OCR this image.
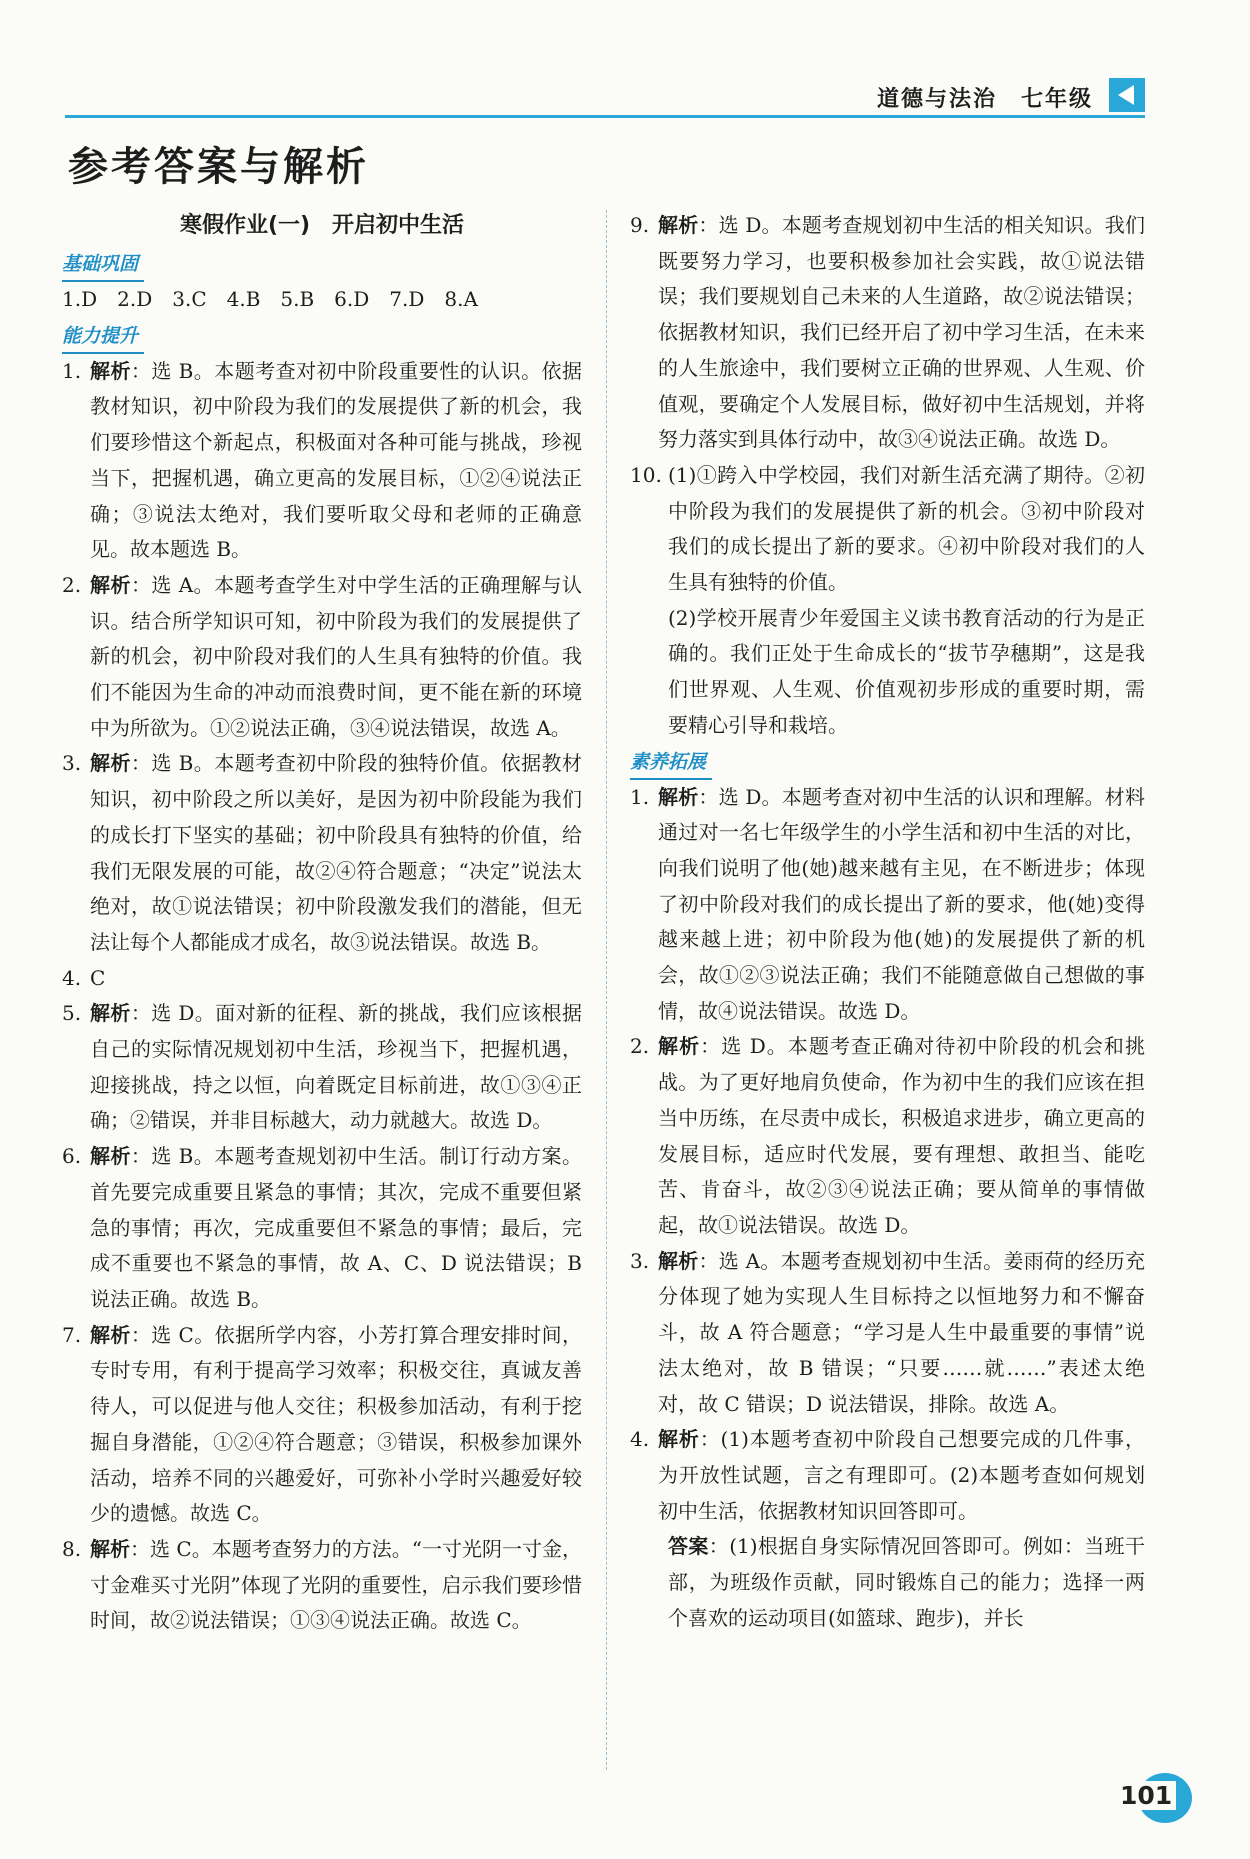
道德与法治　七年级
参考答案与解析
寒假作业(一)　开启初中生活
基础巩固
1.D　2.D　3.C　4.B　5.B　6.D　7.D　8.A
能力提升
1. 解析：选 B。本题考查对初中阶段重要性的认识。依据教材知识，初中阶段为我们的发展提供了新的机会，我们要珍惜这个新起点，积极面对各种可能与挑战，珍视当下，把握机遇，确立更高的发展目标，①②④说法正确；③说法太绝对，我们要听取父母和老师的正确意见。故本题选 B。
2. 解析：选 A。本题考查学生对中学生活的正确理解与认识。结合所学知识可知，初中阶段为我们的发展提供了新的机会，初中阶段对我们的人生具有独特的价值。我们不能因为生命的冲动而浪费时间，更不能在新的环境中为所欲为。①②说法正确，③④说法错误，故选 A。
3. 解析：选 B。本题考查初中阶段的独特价值。依据教材知识，初中阶段之所以美好，是因为初中阶段能为我们的成长打下坚实的基础；初中阶段具有独特的价值，给我们无限发展的可能，故②④符合题意；“决定”说法太绝对，故①说法错误；初中阶段激发我们的潜能，但无法让每个人都能成才成名，故③说法错误。故选 B。
4. C
5. 解析：选 D。面对新的征程、新的挑战，我们应该根据自己的实际情况规划初中生活，珍视当下，把握机遇，迎接挑战，持之以恒，向着既定目标前进，故①③④正确；②错误，并非目标越大，动力就越大。故选 D。
6. 解析：选 B。本题考查规划初中生活。制订行动方案。首先要完成重要且紧急的事情；其次，完成不重要但紧急的事情；再次，完成重要但不紧急的事情；最后，完成不重要也不紧急的事情，故 A、C、D 说法错误；B 说法正确。故选 B。
7. 解析：选 C。依据所学内容，小芳打算合理安排时间，专时专用，有利于提高学习效率；积极交往，真诚友善待人，可以促进与他人交往；积极参加活动，有利于挖掘自身潜能，①②④符合题意；③错误，积极参加课外活动，培养不同的兴趣爱好，可弥补小学时兴趣爱好较少的遗憾。故选 C。
8. 解析：选 C。本题考查努力的方法。“一寸光阴一寸金，寸金难买寸光阴”体现了光阴的重要性，启示我们要珍惜时间，故②说法错误；①③④说法正确。故选 C。
9. 解析：选 D。本题考查规划初中生活的相关知识。我们既要努力学习，也要积极参加社会实践，故①说法错误；我们要规划自己未来的人生道路，故②说法错误；依据教材知识，我们已经开启了初中学习生活，在未来的人生旅途中，我们要树立正确的世界观、人生观、价值观，要确定个人发展目标，做好初中生活规划，并将努力落实到具体行动中，故③④说法正确。故选 D。
10. (1)①跨入中学校园，我们对新生活充满了期待。②初中阶段为我们的发展提供了新的机会。③初中阶段对我们的成长提出了新的要求。④初中阶段对我们的人生具有独特的价值。
(2)学校开展青少年爱国主义读书教育活动的行为是正确的。我们正处于生命成长的“拔节孕穗期”，这是我们世界观、人生观、价值观初步形成的重要时期，需要精心引导和栽培。
素养拓展
1. 解析：选 D。本题考查对初中生活的认识和理解。材料通过对一名七年级学生的小学生活和初中生活的对比，向我们说明了他(她)越来越有主见，在不断进步；体现了初中阶段对我们的成长提出了新的要求，他(她)变得越来越上进；初中阶段为他(她)的发展提供了新的机会，故①②③说法正确；我们不能随意做自己想做的事情，故④说法错误。故选 D。
2. 解析：选 D。本题考查正确对待初中阶段的机会和挑战。为了更好地肩负使命，作为初中生的我们应该在担当中历练，在尽责中成长，积极追求进步，确立更高的发展目标，适应时代发展，要有理想、敢担当、能吃苦、肯奋斗，故②③④说法正确；要从简单的事情做起，故①说法错误。故选 D。
3. 解析：选 A。本题考查规划初中生活。姜雨荷的经历充分体现了她为实现人生目标持之以恒地努力和不懈奋斗，故 A 符合题意；“学习是人生中最重要的事情”说法太绝对，故 B 错误；“只要……就……”表述太绝对，故 C 错误；D 说法错误，排除。故选 A。
4. 解析：(1)本题考查初中阶段自己想要完成的几件事，为开放性试题，言之有理即可。(2)本题考查如何规划初中生活，依据教材知识回答即可。
答案：(1)根据自身实际情况回答即可。例如：当班干部，为班级作贡献，同时锻炼自己的能力；选择一两个喜欢的运动项目(如篮球、跑步)，并长
101
